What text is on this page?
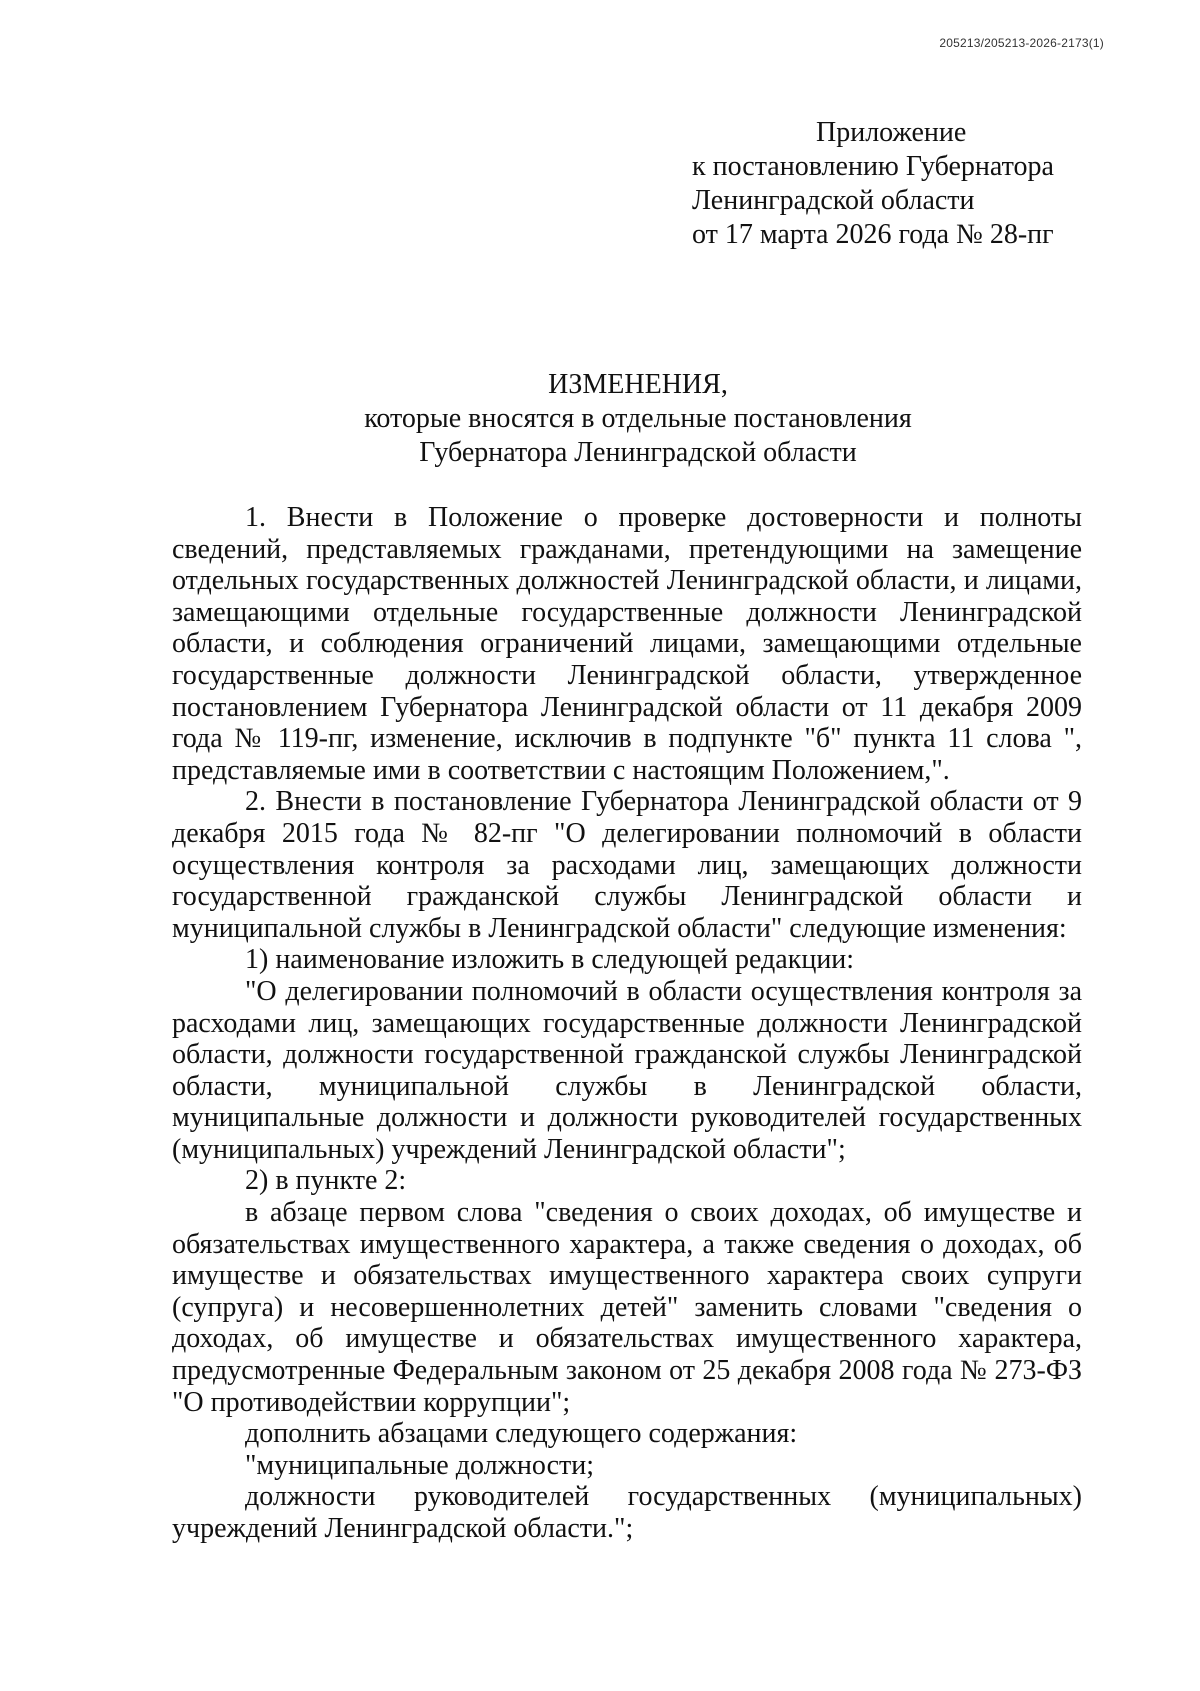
205213/205213-2026-2173(1)
Приложение
к постановлению Губернатора
Ленинградской области
от 17 марта 2026 года № 28-пг
ИЗМЕНЕНИЯ,
которые вносятся в отдельные постановления
Губернатора Ленинградской области

1. Внести в Положение о проверке достоверности и полноты сведений, представляемых гражданами, претендующими на замещение отдельных государственных должностей Ленинградской области, и лицами, замещающими отдельные государственные должности Ленинградской области, и соблюдения ограничений лицами, замещающими отдельные государственные должности Ленинградской области, утвержденное постановлением Губернатора Ленинградской области от 11 декабря 2009 года № 119-пг, изменение, исключив в подпункте "б" пункта 11 слова ", представляемые ими в соответствии с настоящим Положением,".

2. Внести в постановление Губернатора Ленинградской области от 9 декабря 2015 года № 82-пг "О делегировании полномочий в области осуществления контроля за расходами лиц, замещающих должности государственной гражданской службы Ленинградской области и муниципальной службы в Ленинградской области" следующие изменения:

1) наименование изложить в следующей редакции:

"О делегировании полномочий в области осуществления контроля за расходами лиц, замещающих государственные должности Ленинградской области, должности государственной гражданской службы Ленинградской области, муниципальной службы в Ленинградской области, муниципальные должности и должности руководителей государственных (муниципальных) учреждений Ленинградской области";

2) в пункте 2:

в абзаце первом слова "сведения о своих доходах, об имуществе и обязательствах имущественного характера, а также сведения о доходах, об имуществе и обязательствах имущественного характера своих супруги (супруга) и несовершеннолетних детей" заменить словами "сведения о доходах, об имуществе и обязательствах имущественного характера, предусмотренные Федеральным законом от 25 декабря 2008 года № 273-ФЗ "О противодействии коррупции";

дополнить абзацами следующего содержания:

"муниципальные должности;

должности руководителей государственных (муниципальных) учреждений Ленинградской области.";
